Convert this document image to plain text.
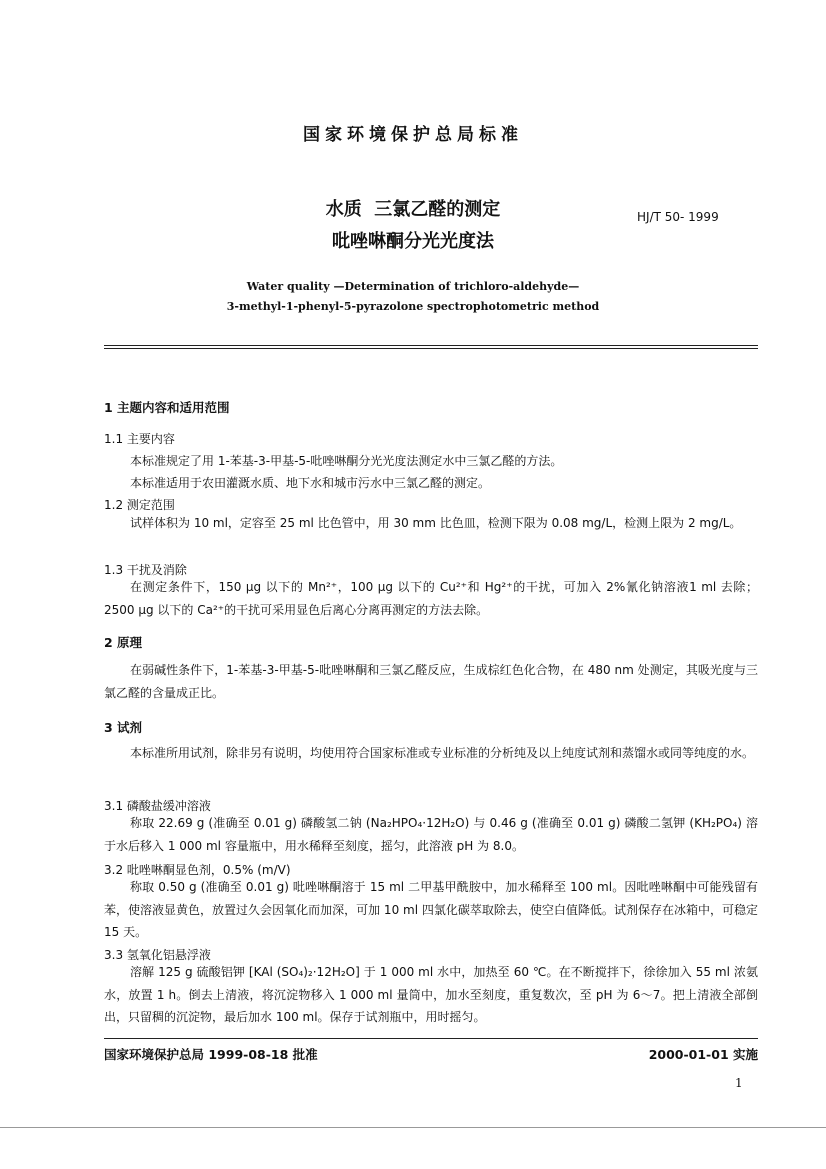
国家环境保护总局标准
水质  三氯乙醛的测定
吡唑啉酮分光光度法
HJ/T 50- 1999
Water quality —Determination of trichloro-aldehyde—
3-methyl-1-phenyl-5-pyrazolone spectrophotometric method
1 主题内容和适用范围
1.1 主要内容
本标准规定了用 1-苯基-3-甲基-5-吡唑啉酮分光光度法测定水中三氯乙醛的方法。
本标准适用于农田灌溉水质、地下水和城市污水中三氯乙醛的测定。
1.2 测定范围
试样体积为 10 ml，定容至 25 ml 比色管中，用 30 mm 比色皿，检测下限为 0.08 mg/L，检测上限为 2 mg/L。
1.3 干扰及消除
在测定条件下，150 μg 以下的 Mn²⁺，100 μg 以下的 Cu²⁺和 Hg²⁺的干扰，可加入 2%氰化钠溶液1 ml 去除；2500 μg 以下的 Ca²⁺的干扰可采用显色后离心分离再测定的方法去除。
2 原理
在弱碱性条件下，1-苯基-3-甲基-5-吡唑啉酮和三氯乙醛反应，生成棕红色化合物，在 480 nm 处测定，其吸光度与三氯乙醛的含量成正比。
3 试剂
本标准所用试剂，除非另有说明，均使用符合国家标准或专业标准的分析纯及以上纯度试剂和蒸馏水或同等纯度的水。
3.1 磷酸盐缓冲溶液
称取 22.69 g (准确至 0.01 g) 磷酸氢二钠 (Na₂HPO₄·12H₂O) 与 0.46 g (准确至 0.01 g) 磷酸二氢钾 (KH₂PO₄) 溶于水后移入 1 000 ml 容量瓶中，用水稀释至刻度，摇匀，此溶液 pH 为 8.0。
3.2 吡唑啉酮显色剂，0.5% (m/V)
称取 0.50 g (准确至 0.01 g) 吡唑啉酮溶于 15 ml 二甲基甲酰胺中，加水稀释至 100 ml。因吡唑啉酮中可能残留有苯，使溶液显黄色，放置过久会因氧化而加深，可加 10 ml 四氯化碳萃取除去，使空白值降低。试剂保存在冰箱中，可稳定 15 天。
3.3 氢氧化铝悬浮液
溶解 125 g 硫酸铝钾 [KAl (SO₄)₂·12H₂O] 于 1 000 ml 水中，加热至 60 ℃。在不断搅拌下，徐徐加入 55 ml 浓氨水，放置 1 h。倒去上清液，将沉淀物移入 1 000 ml 量筒中，加水至刻度，重复数次，至 pH 为 6～7。把上清液全部倒出，只留稠的沉淀物，最后加水 100 ml。保存于试剂瓶中，用时摇匀。
国家环境保护总局 1999-08-18 批准	2000-01-01 实施
1
